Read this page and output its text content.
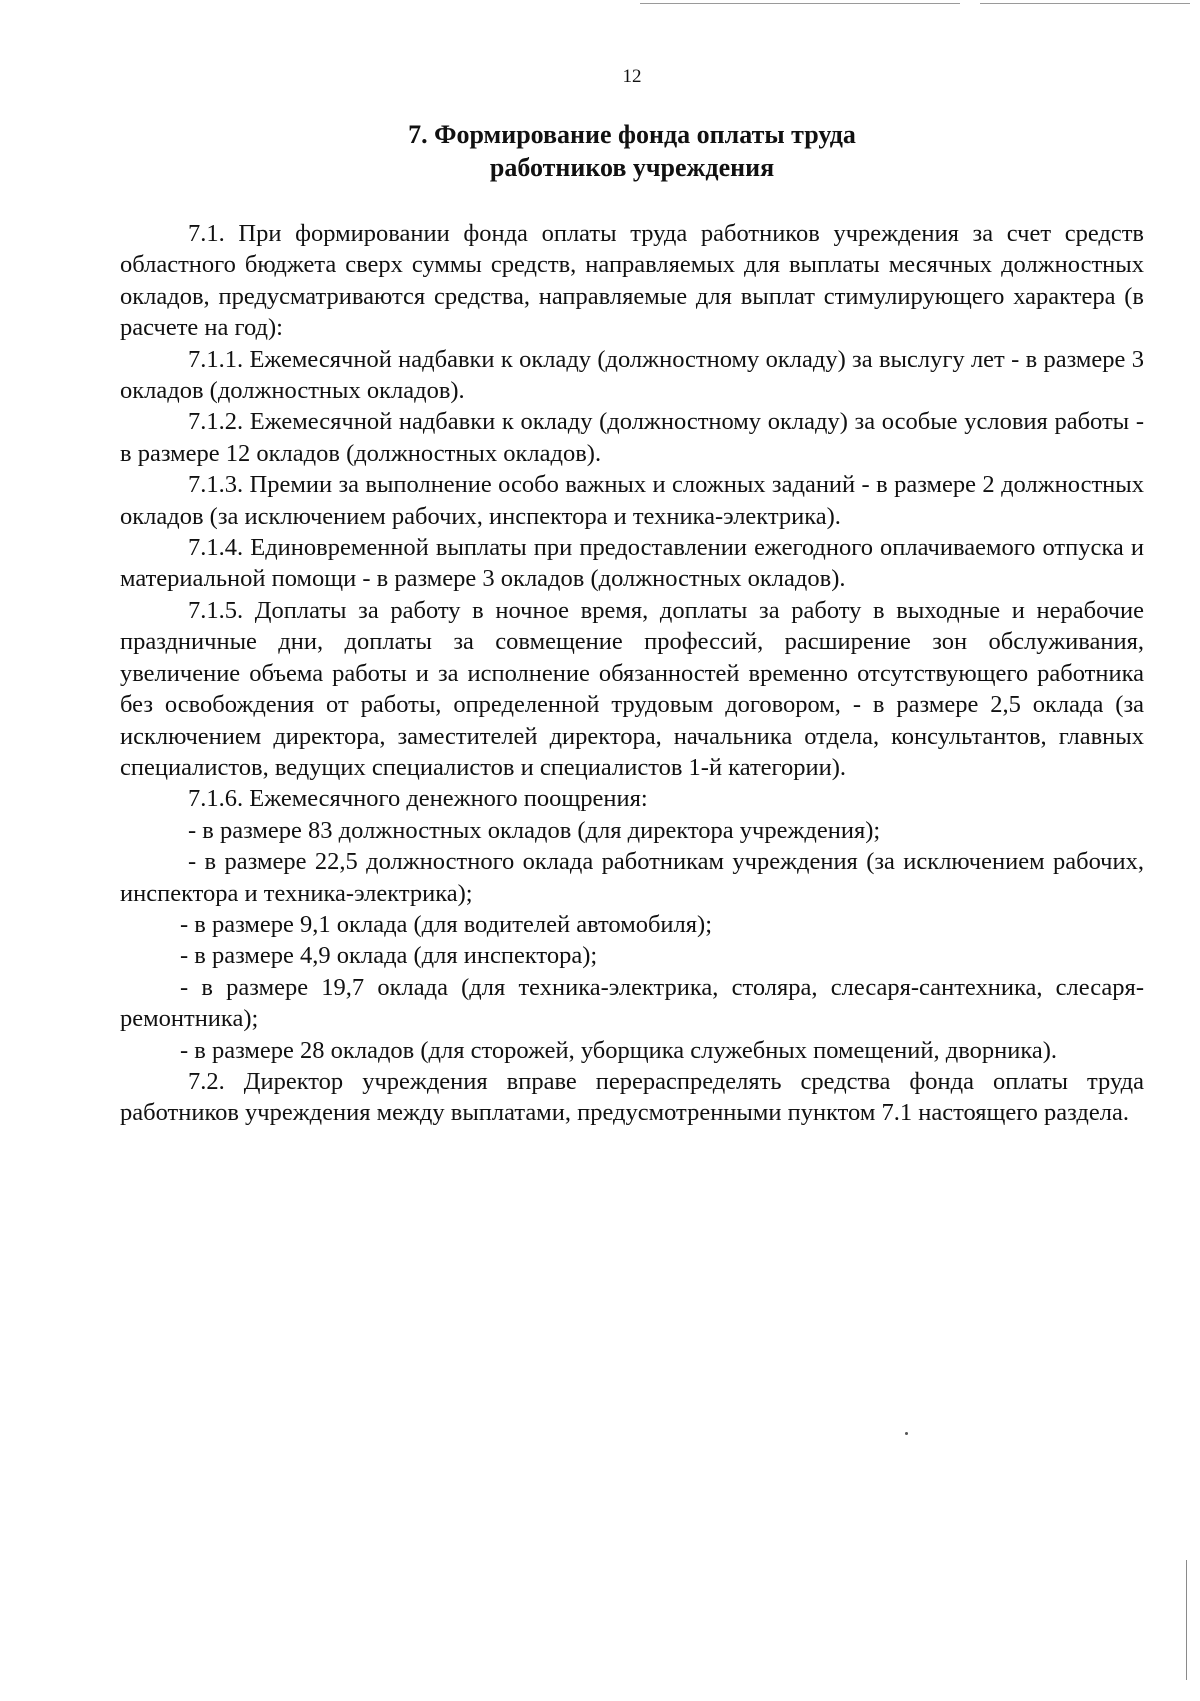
12
7. Формирование фонда оплаты труда
работников учреждения

7.1. При формировании фонда оплаты труда работников учреждения за счет средств областного бюджета сверх суммы средств, направляемых для выплаты месячных должностных окладов, предусматриваются средства, направляемые для выплат стимулирующего характера (в расчете на год):

7.1.1. Ежемесячной надбавки к окладу (должностному окладу) за выслугу лет - в размере 3 окладов (должностных окладов).

7.1.2. Ежемесячной надбавки к окладу (должностному окладу) за особые условия работы - в размере 12 окладов (должностных окладов).

7.1.3. Премии за выполнение особо важных и сложных заданий - в размере 2 должностных окладов (за исключением рабочих, инспектора и техника-электрика).

7.1.4. Единовременной выплаты при предоставлении ежегодного оплачиваемого отпуска и материальной помощи - в размере 3 окладов (должностных окладов).

7.1.5. Доплаты за работу в ночное время, доплаты за работу в выходные и нерабочие праздничные дни, доплаты за совмещение профессий, расширение зон обслуживания, увеличение объема работы и за исполнение обязанностей временно отсутствующего работника без освобождения от работы, определенной трудовым договором, - в размере 2,5 оклада (за исключением директора, заместителей директора, начальника отдела, консультантов, главных специалистов, ведущих специалистов и специалистов 1-й категории).

7.1.6. Ежемесячного денежного поощрения:

- в размере 83 должностных окладов (для директора учреждения);

- в размере 22,5 должностного оклада работникам учреждения (за исключением рабочих, инспектора и техника-электрика);

- в размере 9,1 оклада (для водителей автомобиля);

- в размере 4,9 оклада (для инспектора);

- в размере 19,7 оклада (для техника-электрика, столяра, слесаря-сантехника, слесаря-ремонтника);

- в размере 28 окладов (для сторожей, уборщика служебных помещений, дворника).

7.2. Директор учреждения вправе перераспределять средства фонда оплаты труда работников учреждения между выплатами, предусмотренными пунктом 7.1 настоящего раздела.
